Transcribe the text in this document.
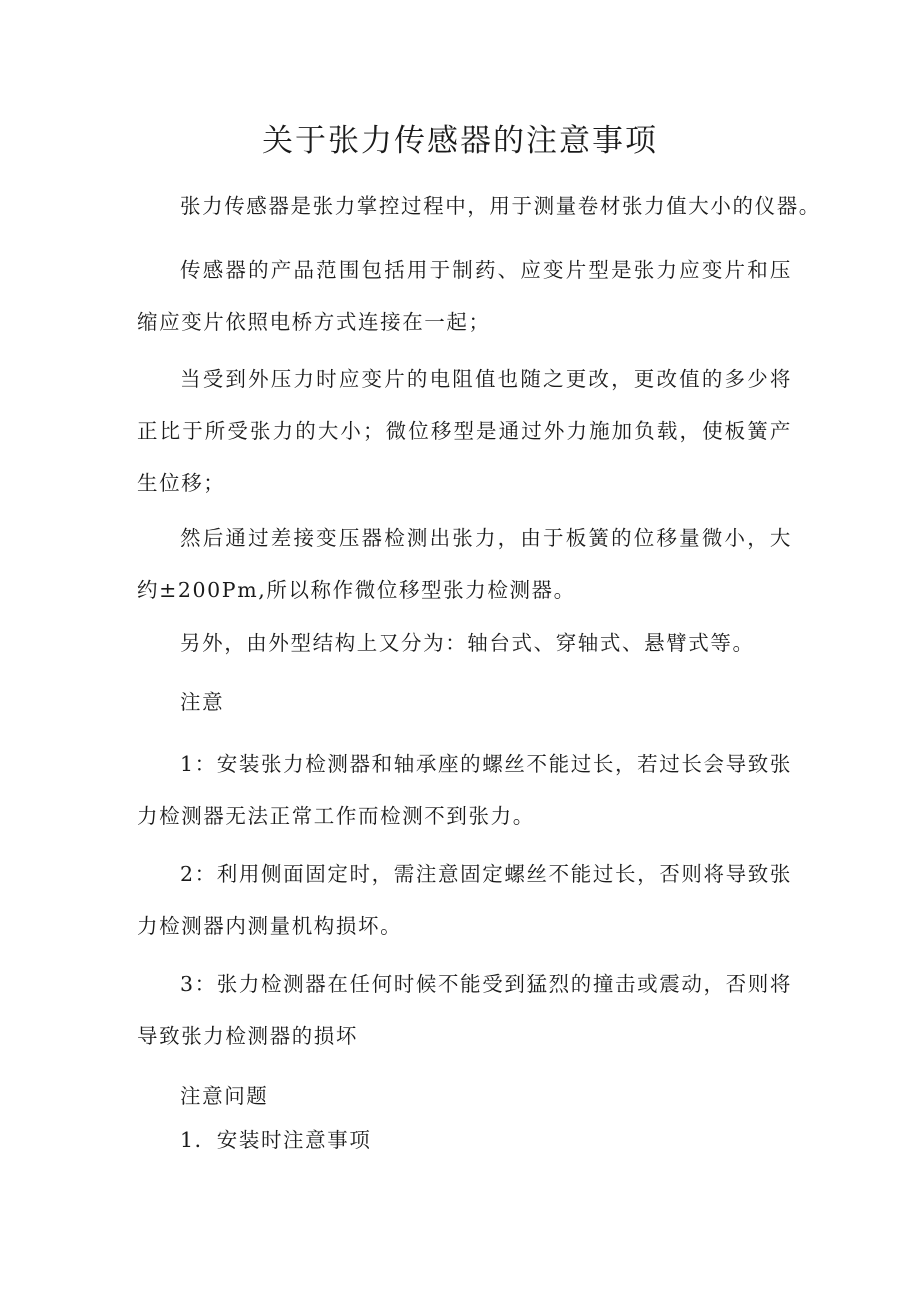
关于张力传感器的注意事项

张力传感器是张力掌控过程中，用于测量卷材张力值大小的仪器。

传感器的产品范围包括用于制药、应变片型是张力应变片和压缩应变片依照电桥方式连接在一起；

当受到外压力时应变片的电阻值也随之更改，更改值的多少将正比于所受张力的大小；微位移型是通过外力施加负载，使板簧产生位移；

然后通过差接变压器检测出张力，由于板簧的位移量微小，大约±200Pm,所以称作微位移型张力检测器。

另外，由外型结构上又分为：轴台式、穿轴式、悬臂式等。

注意

1：安装张力检测器和轴承座的螺丝不能过长，若过长会导致张力检测器无法正常工作而检测不到张力。

2：利用侧面固定时，需注意固定螺丝不能过长，否则将导致张力检测器内测量机构损坏。

3：张力检测器在任何时候不能受到猛烈的撞击或震动，否则将导致张力检测器的损坏

注意问题

1．安装时注意事项
